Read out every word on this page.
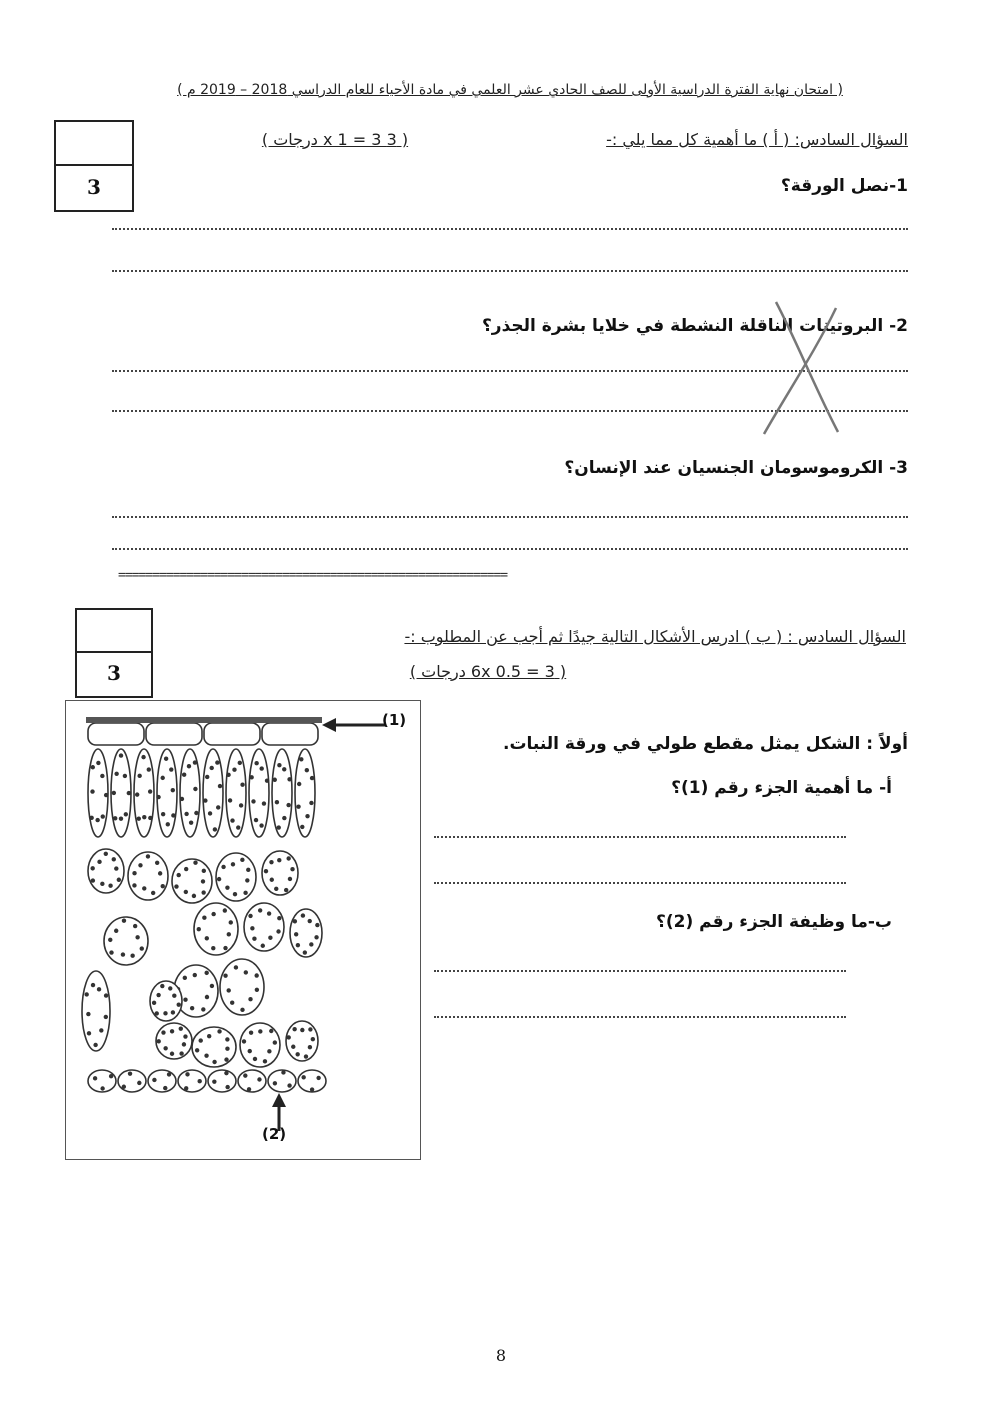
( امتحان نهاية الفترة الدراسية الأولى للصف الحادي عشر العلمي في مادة الأحياء للعام الدراسي 2018 – 2019 م )
3
السؤال السادس: ( أ ) ما أهمية كل مما يلي :-
( 3 x 1 = 3 درجات )
1-نصل الورقة؟
2- البروتينات الناقلة النشطة في خلايا بشرة الجذر؟
3- الكروموسومان الجنسيان عند الإنسان؟
=========================================================
3
السؤال السادس : ( ب ) ادرس الأشكال التالية جيدًا ثم أجب عن المطلوب :-
( 6x 0.5 = 3 درجات )
أولاً : الشكل يمثل مقطع طولي في ورقة النبات.
أ- ما أهمية الجزء رقم (1)؟
ب-ما وظيفة الجزء رقم (2)؟
(1)
(2)
8
